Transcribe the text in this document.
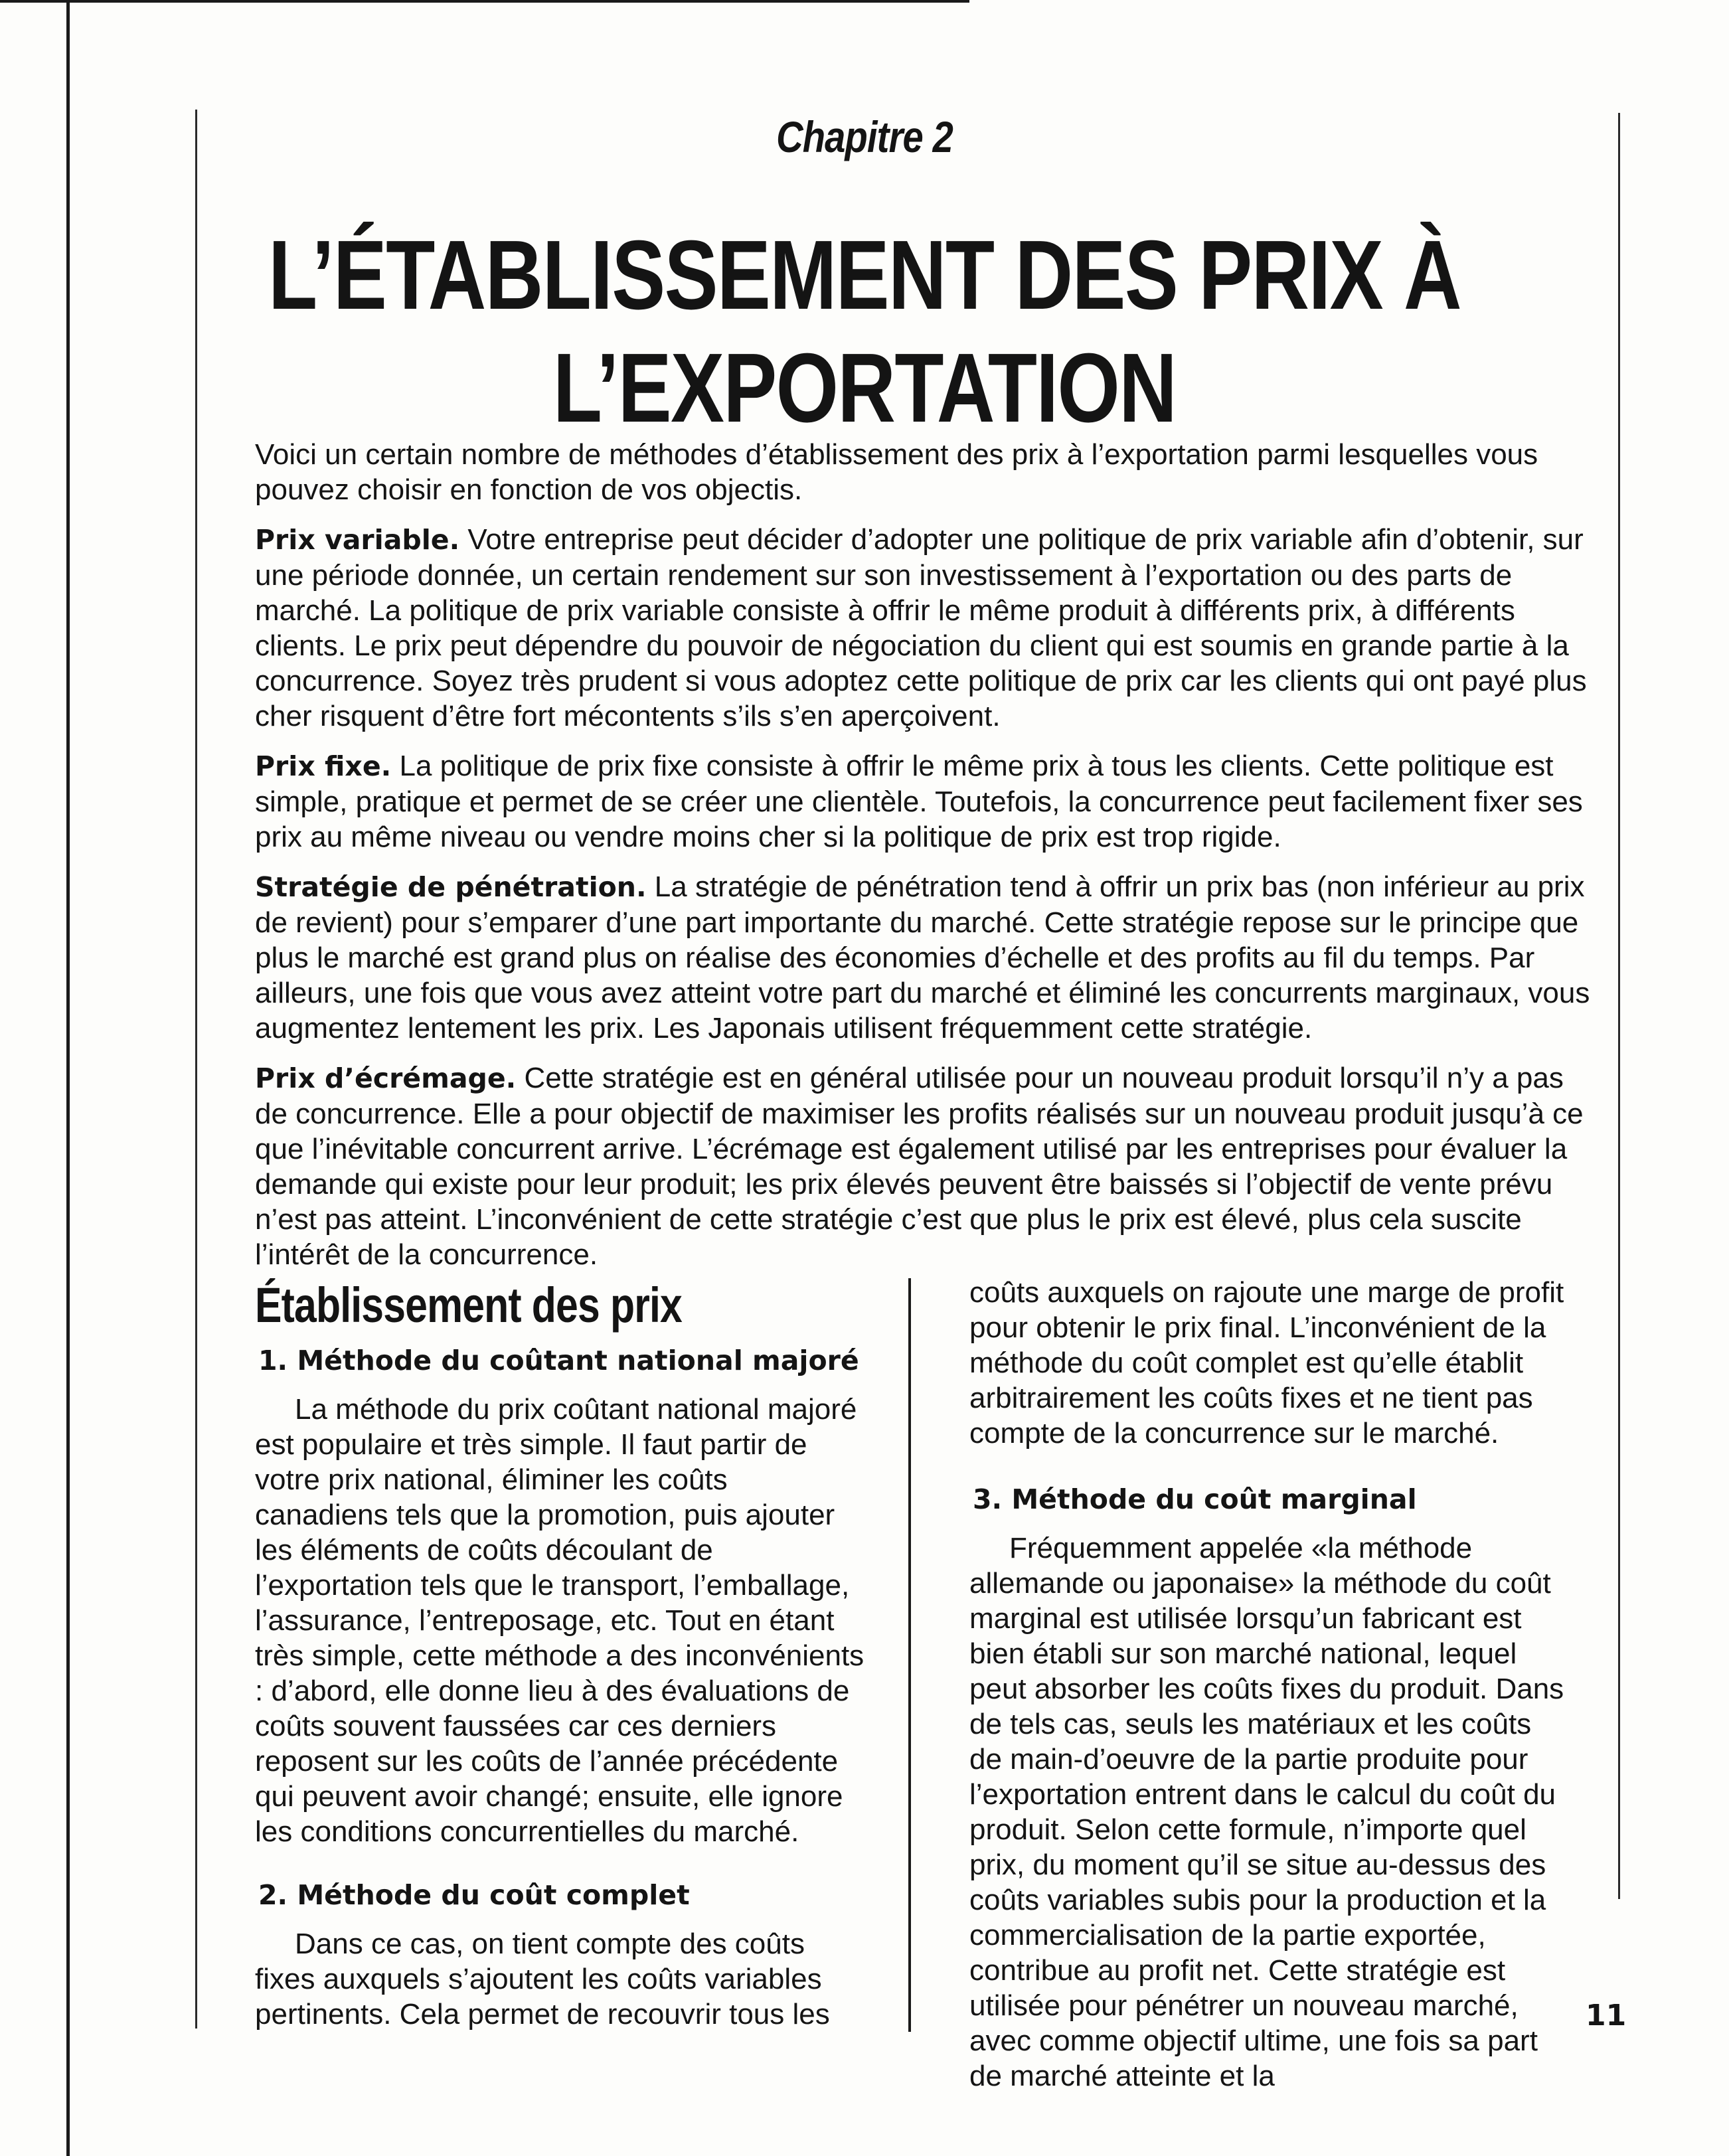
Chapitre 2
L’ÉTABLISSEMENT DES PRIX À
L’EXPORTATION

Voici un certain nombre de méthodes d’établissement des prix à l’exportation parmi lesquelles vous pouvez choisir en fonction de vos objectis.

Prix variable. Votre entreprise peut décider d’adopter une politique de prix variable afin d’obtenir, sur une période donnée, un certain rendement sur son investissement à l’exportation ou des parts de marché. La politique de prix variable consiste à offrir le même produit à différents prix, à différents clients. Le prix peut dépendre du pouvoir de négociation du client qui est soumis en grande partie à la concurrence. Soyez très prudent si vous adoptez cette politique de prix car les clients qui ont payé plus cher risquent d’être fort mécontents s’ils s’en aperçoivent.

Prix fixe. La politique de prix fixe consiste à offrir le même prix à tous les clients. Cette politique est simple, pratique et permet de se créer une clientèle. Toutefois, la concurrence peut facilement fixer ses prix au même niveau ou vendre moins cher si la politique de prix est trop rigide.

Stratégie de pénétration. La stratégie de pénétration tend à offrir un prix bas (non inférieur au prix de revient) pour s’emparer d’une part importante du marché. Cette stratégie repose sur le principe que plus le marché est grand plus on réalise des économies d’échelle et des profits au fil du temps. Par ailleurs, une fois que vous avez atteint votre part du marché et éliminé les concurrents marginaux, vous augmentez lentement les prix. Les Japonais utilisent fréquemment cette stratégie.

Prix d’écrémage. Cette stratégie est en général utilisée pour un nouveau produit lorsqu’il n’y a pas de concurrence. Elle a pour objectif de maximiser les profits réalisés sur un nouveau produit jusqu’à ce que l’inévitable concurrent arrive. L’écrémage est également utilisé par les entreprises pour évaluer la demande qui existe pour leur produit; les prix élevés peuvent être baissés si l’objectif de vente prévu n’est pas atteint. L’inconvénient de cette stratégie c’est que plus le prix est élevé, plus cela suscite l’intérêt de la concurrence.

Établissement des prix
1. Méthode du coûtant national majoré

La méthode du prix coûtant national majoré est populaire et très simple. Il faut partir de votre prix national, éliminer les coûts canadiens tels que la promotion, puis ajouter les éléments de coûts découlant de l’exportation tels que le transport, l’emballage, l’assurance, l’entreposage, etc. Tout en étant très simple, cette méthode a des inconvénients : d’abord, elle donne lieu à des évaluations de coûts souvent faussées car ces derniers reposent sur les coûts de l’année précédente qui peuvent avoir changé; ensuite, elle ignore les conditions concurrentielles du marché.

2. Méthode du coût complet

Dans ce cas, on tient compte des coûts fixes auxquels s’ajoutent les coûts variables pertinents. Cela permet de recouvrir tous les

coûts auxquels on rajoute une marge de profit pour obtenir le prix final. L’inconvénient de la méthode du coût complet est qu’elle établit arbitrairement les coûts fixes et ne tient pas compte de la concurrence sur le marché.

3. Méthode du coût marginal

Fréquemment appelée «la méthode allemande ou japonaise» la méthode du coût marginal est utilisée lorsqu’un fabricant est bien établi sur son marché national, lequel peut absorber les coûts fixes du produit. Dans de tels cas, seuls les matériaux et les coûts de main-d’oeuvre de la partie produite pour l’exportation entrent dans le calcul du coût du produit. Selon cette formule, n’importe quel prix, du moment qu’il se situe au-dessus des coûts variables subis pour la production et la commercialisation de la partie exportée, contribue au profit net. Cette stratégie est utilisée pour pénétrer un nouveau marché, avec comme objectif ultime, une fois sa part de marché atteinte et la

11
